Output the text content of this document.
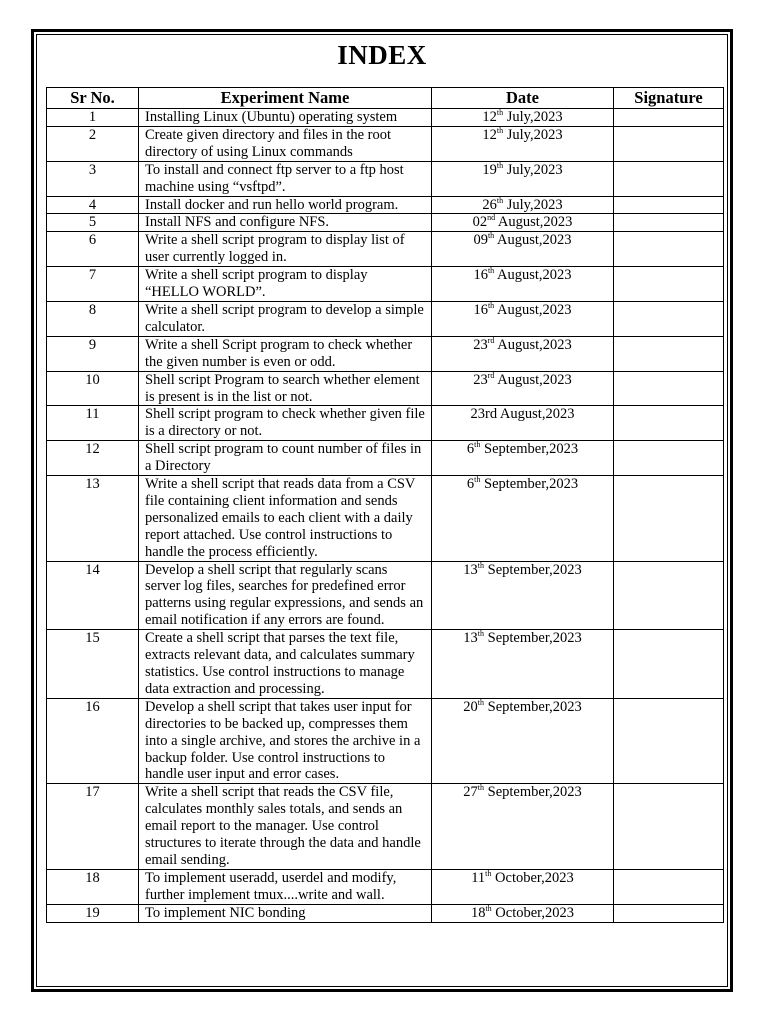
INDEX
Sr No.	Experiment Name	Date	Signature
1	Installing Linux (Ubuntu) operating system	12th July,2023	
2	Create given directory and files in the root directory of using Linux commands	12th July,2023	
3	To install and connect ftp server to a ftp host machine using “vsftpd”.	19th July,2023	
4	Install docker and run hello world program.	26th July,2023	
5	Install NFS and configure NFS.	02nd August,2023	
6	Write a shell script program to display list of user currently logged in.	09th August,2023	
7	Write a shell script program to display “HELLO WORLD”.	16th August,2023	
8	Write a shell script program to develop a simple calculator.	16th August,2023	
9	Write a shell Script program to check whether the given number is even or odd.	23rd August,2023	
10	Shell script Program to search whether element is present is in the list or not.	23rd August,2023	
11	Shell script program to check whether given file is a directory or not.	23rd August,2023	
12	Shell script program to count number of files in a Directory	6th September,2023	
13	Write a shell script that reads data from a CSV file containing client information and sends personalized emails to each client with a daily report attached. Use control instructions to handle the process efficiently.	6th September,2023	
14	Develop a shell script that regularly scans server log files, searches for predefined error patterns using regular expressions, and sends an email notification if any errors are found.	13th September,2023	
15	Create a shell script that parses the text file, extracts relevant data, and calculates summary statistics. Use control instructions to manage data extraction and processing.	13th September,2023	
16	Develop a shell script that takes user input for directories to be backed up, compresses them into a single archive, and stores the archive in a backup folder. Use control instructions to handle user input and error cases.	20th September,2023	
17	Write a shell script that reads the CSV file, calculates monthly sales totals, and sends an email report to the manager. Use control structures to iterate through the data and handle email sending.	27th September,2023	
18	To implement useradd, userdel and modify, further implement tmux....write and wall.	11th October,2023	
19	To implement NIC bonding	18th October,2023	
